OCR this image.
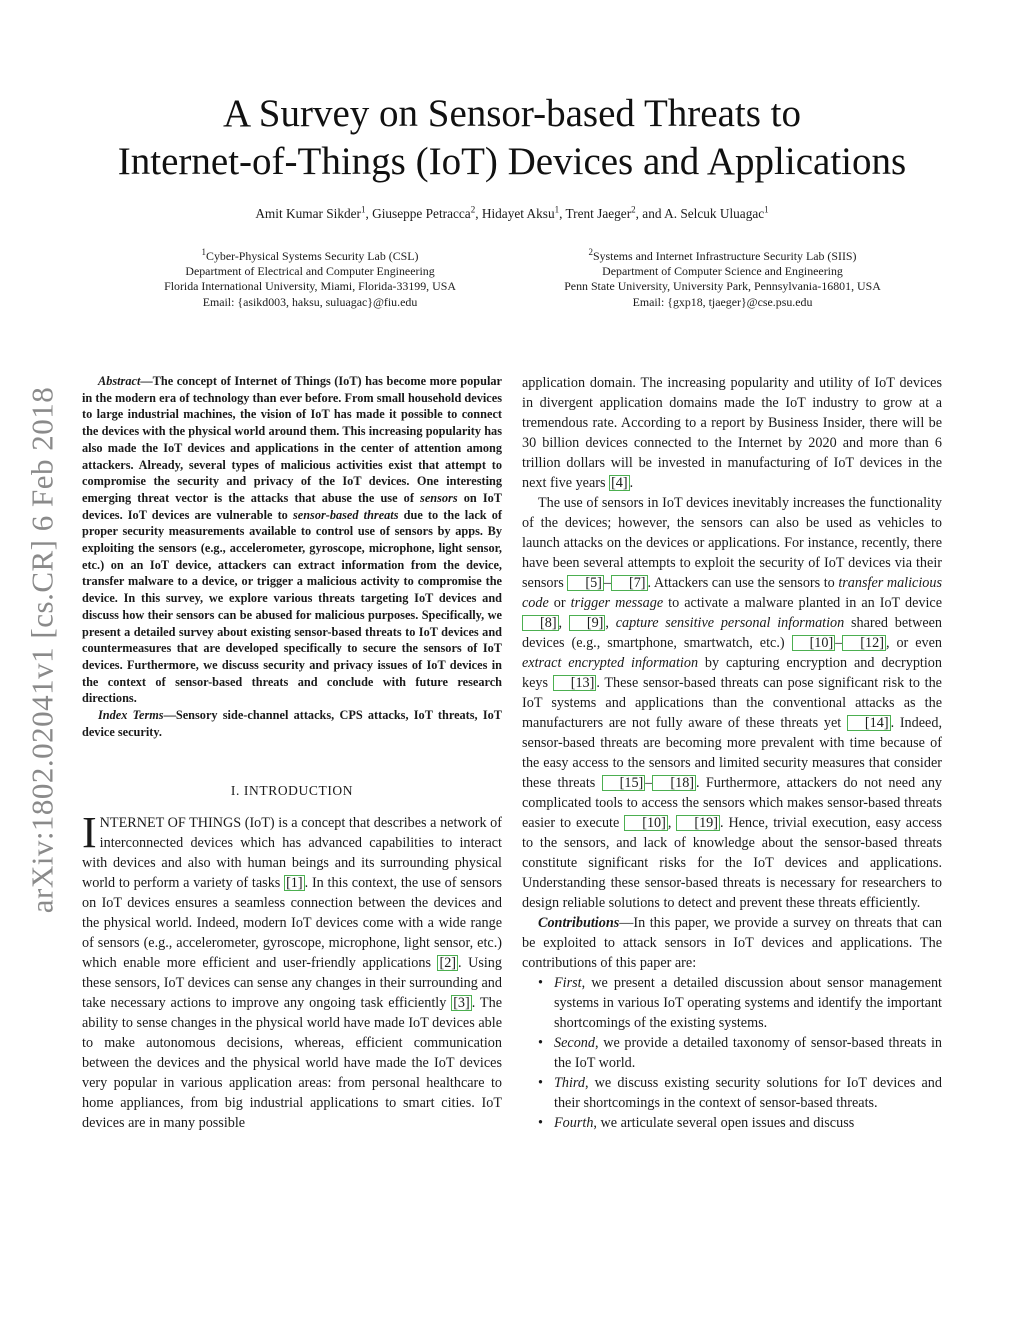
arXiv:1802.02041v1 [cs.CR] 6 Feb 2018
A Survey on Sensor-based Threats to
Internet-of-Things (IoT) Devices and Applications
Amit Kumar Sikder$^1$, Giuseppe Petracca$^2$, Hidayet Aksu$^1$, Trent Jaeger$^2$, and A. Selcuk Uluagac$^1$
$^1$Cyber-Physical Systems Security Lab (CSL)
Department of Electrical and Computer Engineering
Florida International University, Miami, Florida-33199, USA
Email: {asikd003, haksu, suluagac}@fiu.edu
$^2$Systems and Internet Infrastructure Security Lab (SIIS)
Department of Computer Science and Engineering
Penn State University, University Park, Pennsylvania-16801, USA
Email: {gxp18, tjaeger}@cse.psu.edu

Abstract—The concept of Internet of Things (IoT) has become more popular in the modern era of technology than ever before. From small household devices to large industrial machines, the vision of IoT has made it possible to connect the devices with the physical world around them. This increasing popularity has also made the IoT devices and applications in the center of attention among attackers. Already, several types of malicious activities exist that attempt to compromise the security and privacy of the IoT devices. One interesting emerging threat vector is the attacks that abuse the use of sensors on IoT devices. IoT devices are vulnerable to sensor-based threats due to the lack of proper security measurements available to control use of sensors by apps. By exploiting the sensors (e.g., accelerometer, gyroscope, microphone, light sensor, etc.) on an IoT device, attackers can extract information from the device, transfer malware to a device, or trigger a malicious activity to compromise the device. In this survey, we explore various threats targeting IoT devices and discuss how their sensors can be abused for malicious purposes. Specifically, we present a detailed survey about existing sensor-based threats to IoT devices and countermeasures that are developed specifically to secure the sensors of IoT devices. Furthermore, we discuss security and privacy issues of IoT devices in the context of sensor-based threats and conclude with future research directions.

Index Terms—Sensory side-channel attacks, CPS attacks, IoT threats, IoT device security.

I. INTRODUCTION

INTERNET OF THINGS (IoT) is a concept that describes a network of interconnected devices which has advanced capabilities to interact with devices and also with human beings and its surrounding physical world to perform a variety of tasks [1] . In this context, the use of sensors on IoT devices ensures a seamless connection between the devices and the physical world. Indeed, modern IoT devices come with a wide range of sensors (e.g., accelerometer, gyroscope, microphone, light sensor, etc.) which enable more efficient and user-friendly applications [2] . Using these sensors, IoT devices can sense any changes in their surrounding and take necessary actions to improve any ongoing task efficiently [3] . The ability to sense changes in the physical world have made IoT devices able to make autonomous decisions, whereas, efficient communication between the devices and the physical world have made the IoT devices very popular in various application areas: from personal healthcare to home appliances, from big industrial applications to smart cities. IoT devices are in many possible

application domain. The increasing popularity and utility of IoT devices in divergent application domains made the IoT industry to grow at a tremendous rate. According to a report by Business Insider, there will be 30 billion devices connected to the Internet by 2020 and more than 6 trillion dollars will be invested in manufacturing of IoT devices in the next five years [4] .

The use of sensors in IoT devices inevitably increases the functionality of the devices; however, the sensors can also be used as vehicles to launch attacks on the devices or applications. For instance, recently, there have been several attempts to exploit the security of IoT devices via their sensors [5] – [7] . Attackers can use the sensors to transfer malicious code or trigger message to activate a malware planted in an IoT device [8] , [9] , capture sensitive personal information shared between devices (e.g., smartphone, smartwatch, etc.) [10] – [12] , or even extract encrypted information by capturing encryption and decryption keys [13] . These sensor-based threats can pose significant risk to the IoT systems and applications than the conventional attacks as the manufacturers are not fully aware of these threats yet [14] . Indeed, sensor-based threats are becoming more prevalent with time because of the easy access to the sensors and limited security measures that consider these threats [15] – [18] . Furthermore, attackers do not need any complicated tools to access the sensors which makes sensor-based threats easier to execute [10] , [19] . Hence, trivial execution, easy access to the sensors, and lack of knowledge about the sensor-based threats constitute significant risks for the IoT devices and applications. Understanding these sensor-based threats is necessary for researchers to design reliable solutions to detect and prevent these threats efficiently.

Contributions—In this paper, we provide a survey on threats that can be exploited to attack sensors in IoT devices and applications. The contributions of this paper are:

• First, we present a detailed discussion about sensor management systems in various IoT operating systems and identify the important shortcomings of the existing systems.
• Second, we provide a detailed taxonomy of sensor-based threats in the IoT world.
• Third, we discuss existing security solutions for IoT devices and their shortcomings in the context of sensor-based threats.
• Fourth, we articulate several open issues and discuss
